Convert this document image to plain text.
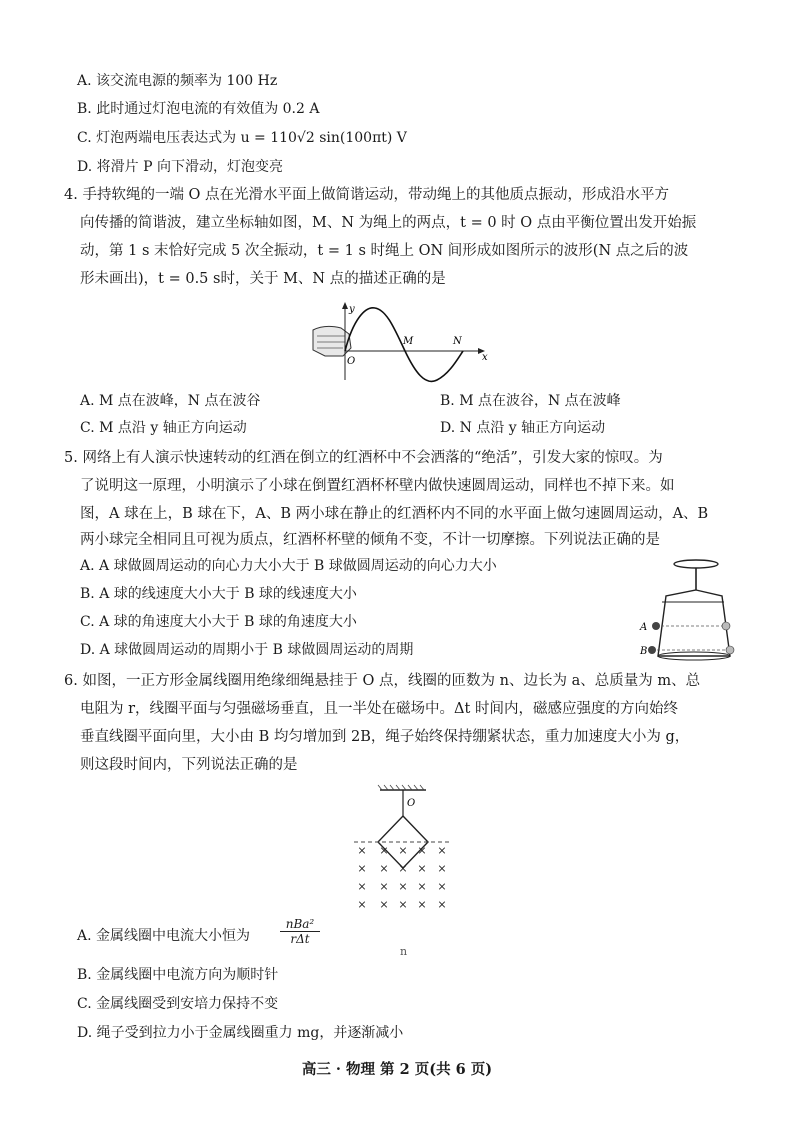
A. 该交流电源的频率为 100 Hz
B. 此时通过灯泡电流的有效值为 0.2 A
C. 灯泡两端电压表达式为 u = 110√2 sin(100πt) V
D. 将滑片 P 向下滑动，灯泡变亮
4. 手持软绳的一端 O 点在光滑水平面上做简谐运动，带动绳上的其他质点振动，形成沿水平方
向传播的简谐波，建立坐标轴如图，M、N 为绳上的两点，t = 0 时 O 点由平衡位置出发开始振
动，第 1 s 末恰好完成 5 次全振动，t = 1 s 时绳上 ON 间形成如图所示的波形(N 点之后的波
形未画出)，t = 0.5 s时，关于 M、N 点的描述正确的是
y
x
O
M	N
A. M 点在波峰，N 点在波谷	B. M 点在波谷，N 点在波峰
C. M 点沿 y 轴正方向运动	D. N 点沿 y 轴正方向运动
5. 网络上有人演示快速转动的红酒在倒立的红酒杯中不会洒落的“绝活”，引发大家的惊叹。为
了说明这一原理，小明演示了小球在倒置红酒杯杯壁内做快速圆周运动，同样也不掉下来。如
图，A 球在上，B 球在下，A、B 两小球在静止的红酒杯内不同的水平面上做匀速圆周运动，A、B
两小球完全相同且可视为质点，红酒杯杯壁的倾角不变，不计一切摩擦。下列说法正确的是
A. A 球做圆周运动的向心力大小大于 B 球做圆周运动的向心力大小
B. A 球的线速度大小大于 B 球的线速度大小
C. A 球的角速度大小大于 B 球的角速度大小
D. A 球做圆周运动的周期小于 B 球做圆周运动的周期
A
B
6. 如图，一正方形金属线圈用绝缘细绳悬挂于 O 点，线圈的匝数为 n、边长为 a、总质量为 m、总
电阻为 r，线圈平面与匀强磁场垂直，且一半处在磁场中。Δt 时间内，磁感应强度的方向始终
垂直线圈平面向里，大小由 B 均匀增加到 2B，绳子始终保持绷紧状态，重力加速度大小为 g，
则这段时间内，下列说法正确的是
O
× × × × ×
× × × × ×
× × × × ×
× × × × ×
A. 金属线圈中电流大小恒为
nBa²
rΔt
n
B. 金属线圈中电流方向为顺时针
C. 金属线圈受到安培力保持不变
D. 绳子受到拉力小于金属线圈重力 mg，并逐渐减小
高三 · 物理 第 2 页(共 6 页)
